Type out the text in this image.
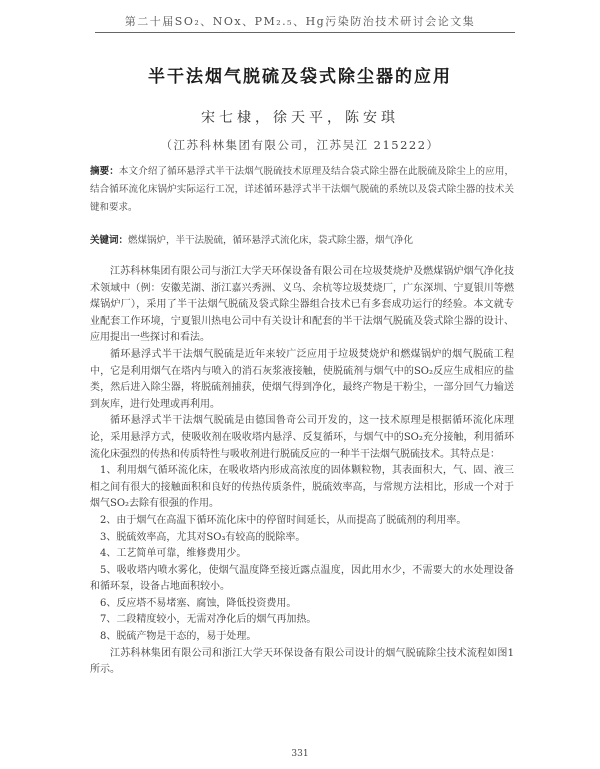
第二十届SO₂、NOx、PM₂.₅、Hg污染防治技术研讨会论文集
半干法烟气脱硫及袋式除尘器的应用
宋七棣，徐天平，陈安琪
（江苏科林集团有限公司，江苏吴江 215222）
摘要：本文介绍了循环悬浮式半干法烟气脱硫技术原理及结合袋式除尘器在此脱硫及除尘上的应用，结合循环流化床锅炉实际运行工况，详述循环悬浮式半干法烟气脱硫的系统以及袋式除尘器的技术关键和要求。
关键词：燃煤锅炉，半干法脱硫，循环悬浮式流化床，袋式除尘器，烟气净化

江苏科林集团有限公司与浙江大学天环保设备有限公司在垃圾焚烧炉及燃煤锅炉烟气净化技术领域中（例：安徽芜湖、浙江嘉兴秀洲、义乌、余杭等垃圾焚烧厂，广东深圳、宁夏银川等燃煤锅炉厂），采用了半干法烟气脱硫及袋式除尘器组合技术已有多套成功运行的经验。本文就专业配套工作环境，宁夏银川热电公司中有关设计和配套的半干法烟气脱硫及袋式除尘器的设计、应用提出一些探讨和看法。

循环悬浮式半干法烟气脱硫是近年来较广泛应用于垃圾焚烧炉和燃煤锅炉的烟气脱硫工程中，它是利用烟气在塔内与喷入的消石灰浆液接触，使脱硫剂与烟气中的SO₂反应生成相应的盐类，然后进入除尘器，将脱硫剂捕获，使烟气得到净化，最终产物是干粉尘，一部分回气力输送到灰库，进行处理或再利用。

循环悬浮式半干法烟气脱硫是由德国鲁奇公司开发的，这一技术原理是根据循环流化床理论，采用悬浮方式，使吸收剂在吸收塔内悬浮、反复循环，与烟气中的SO₂充分接触，利用循环流化床强烈的传热和传质特性与吸收剂进行脱硫反应的一种半干法烟气脱硫技术。其特点是：

1、利用烟气循环流化床，在吸收塔内形成高浓度的固体颗粒物，其表面积大，气、固、液三相之间有很大的接触面积和良好的传热传质条件，脱硫效率高，与常规方法相比，形成一个对于烟气SO₂去除有很强的作用。

2、由于烟气在高温下循环流化床中的停留时间延长，从而提高了脱硫剂的利用率。

3、脱硫效率高，尤其对SO₃有较高的脱除率。

4、工艺简单可靠，维修费用少。

5、吸收塔内喷水雾化，使烟气温度降至接近露点温度，因此用水少，不需要大的水处理设备和循环泵，设备占地面积较小。

6、反应塔不易堵塞、腐蚀，降低投资费用。

7、二段精度较小，无需对净化后的烟气再加热。

8、脱硫产物是干态的，易于处理。

江苏科林集团有限公司和浙江大学天环保设备有限公司设计的烟气脱硫除尘技术流程如图1所示。

331
